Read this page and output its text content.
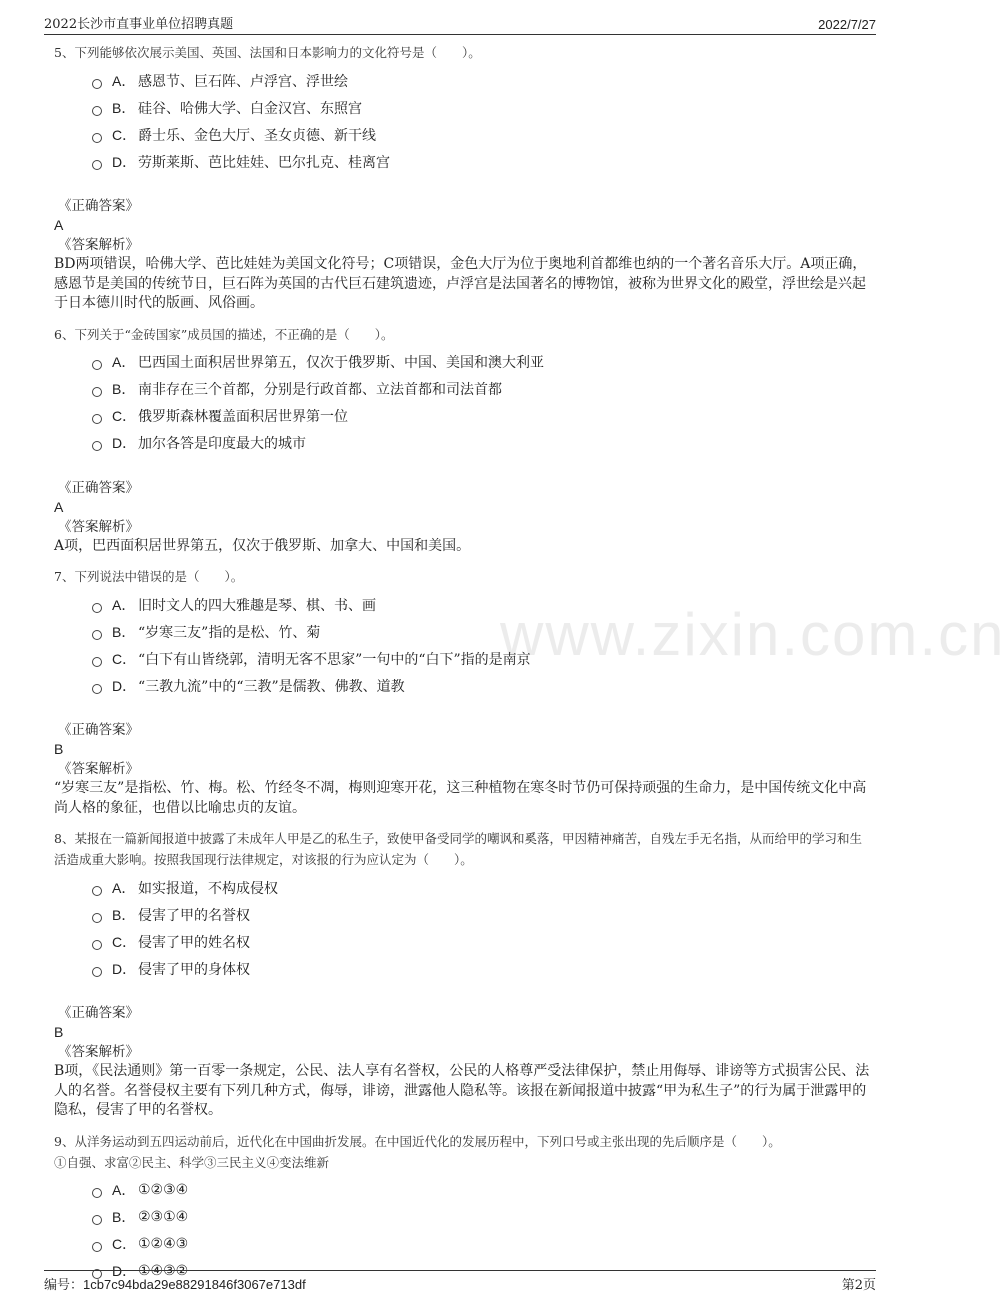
2022长沙市直事业单位招聘真题	2022/7/27
www.zixin.com.cn
5、下列能够依次展示美国、英国、法国和日本影响力的文化符号是（　　）。
A． 感恩节、巨石阵、卢浮宫、浮世绘
B． 硅谷、哈佛大学、白金汉宫、东照宫
C． 爵士乐、金色大厅、圣女贞德、新干线
D． 劳斯莱斯、芭比娃娃、巴尔扎克、桂离宫
《正确答案》
A
《答案解析》
BD两项错误，哈佛大学、芭比娃娃为美国文化符号；C项错误，金色大厅为位于奥地利首都维也纳的一个著名音乐大厅。A项正确，感恩节是美国的传统节日，巨石阵为英国的古代巨石建筑遗迹，卢浮宫是法国著名的博物馆，被称为世界文化的殿堂，浮世绘是兴起于日本德川时代的版画、风俗画。
6、下列关于“金砖国家”成员国的描述，不正确的是（　　）。
A． 巴西国土面积居世界第五，仅次于俄罗斯、中国、美国和澳大利亚
B． 南非存在三个首都，分别是行政首都、立法首都和司法首都
C． 俄罗斯森林覆盖面积居世界第一位
D． 加尔各答是印度最大的城市
《正确答案》
A
《答案解析》
A项，巴西面积居世界第五，仅次于俄罗斯、加拿大、中国和美国。
7、下列说法中错误的是（　　）。
A． 旧时文人的四大雅趣是琴、棋、书、画
B． “岁寒三友”指的是松、竹、菊
C． “白下有山皆绕郭，清明无客不思家”一句中的“白下”指的是南京
D． “三教九流”中的“三教”是儒教、佛教、道教
《正确答案》
B
《答案解析》
“岁寒三友”是指松、竹、梅。松、竹经冬不凋，梅则迎寒开花，这三种植物在寒冬时节仍可保持顽强的生命力，是中国传统文化中高尚人格的象征，也借以比喻忠贞的友谊。
8、某报在一篇新闻报道中披露了未成年人甲是乙的私生子，致使甲备受同学的嘲讽和奚落，甲因精神痛苦，自残左手无名指，从而给甲的学习和生活造成重大影响。按照我国现行法律规定，对该报的行为应认定为（　　）。
A． 如实报道，不构成侵权
B． 侵害了甲的名誉权
C． 侵害了甲的姓名权
D． 侵害了甲的身体权
《正确答案》
B
《答案解析》
B项，《民法通则》第一百零一条规定，公民、法人享有名誉权，公民的人格尊严受法律保护，禁止用侮辱、诽谤等方式损害公民、法人的名誉。名誉侵权主要有下列几种方式，侮辱，诽谤，泄露他人隐私等。该报在新闻报道中披露“甲为私生子”的行为属于泄露甲的隐私，侵害了甲的名誉权。
9、从洋务运动到五四运动前后，近代化在中国曲折发展。在中国近代化的发展历程中，下列口号或主张出现的先后顺序是（　　）。
①自强、求富②民主、科学③三民主义④变法维新
A． ①②③④
B． ②③①④
C． ①②④③
D． ①④③②
编号：1cb7c94bda29e88291846f3067e713df	第2页
